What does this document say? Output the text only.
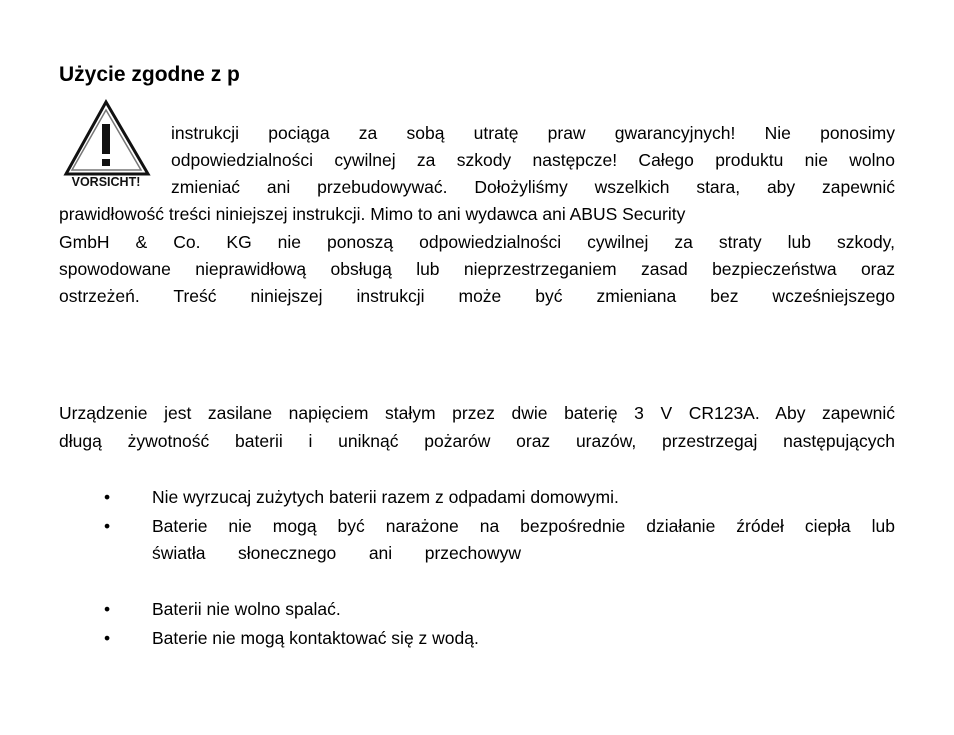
Użycie zgodne z p
VORSICHT!
instrukcji pociąga za sobą utratę praw gwarancyjnych! Nie ponosimy
odpowiedzialności cywilnej za szkody następcze! Całego produktu nie wolno
zmieniać ani przebudowywać. Dołożyliśmy wszelkich stara, aby zapewnić
prawidłowość treści niniejszej instrukcji. Mimo to ani wydawca ani ABUS Security
GmbH & Co. KG nie ponoszą odpowiedzialności cywilnej za straty lub szkody,
spowodowane nieprawidłową obsługą lub nieprzestrzeganiem zasad bezpieczeństwa oraz
ostrzeżeń. Treść niniejszej instrukcji może być zmieniana bez wcześniejszego
Urządzenie jest zasilane napięciem stałym przez dwie baterię 3 V CR123A. Aby zapewnić
długą żywotność baterii i uniknąć pożarów oraz urazów, przestrzegaj następujących
• Nie wyrzucaj zużytych baterii razem z odpadami domowymi.
• Baterie nie mogą być narażone na bezpośrednie działanie źródeł ciepła lub
światła słonecznego ani przechowyw
• Baterii nie wolno spalać.
• Baterie nie mogą kontaktować się z wodą.
